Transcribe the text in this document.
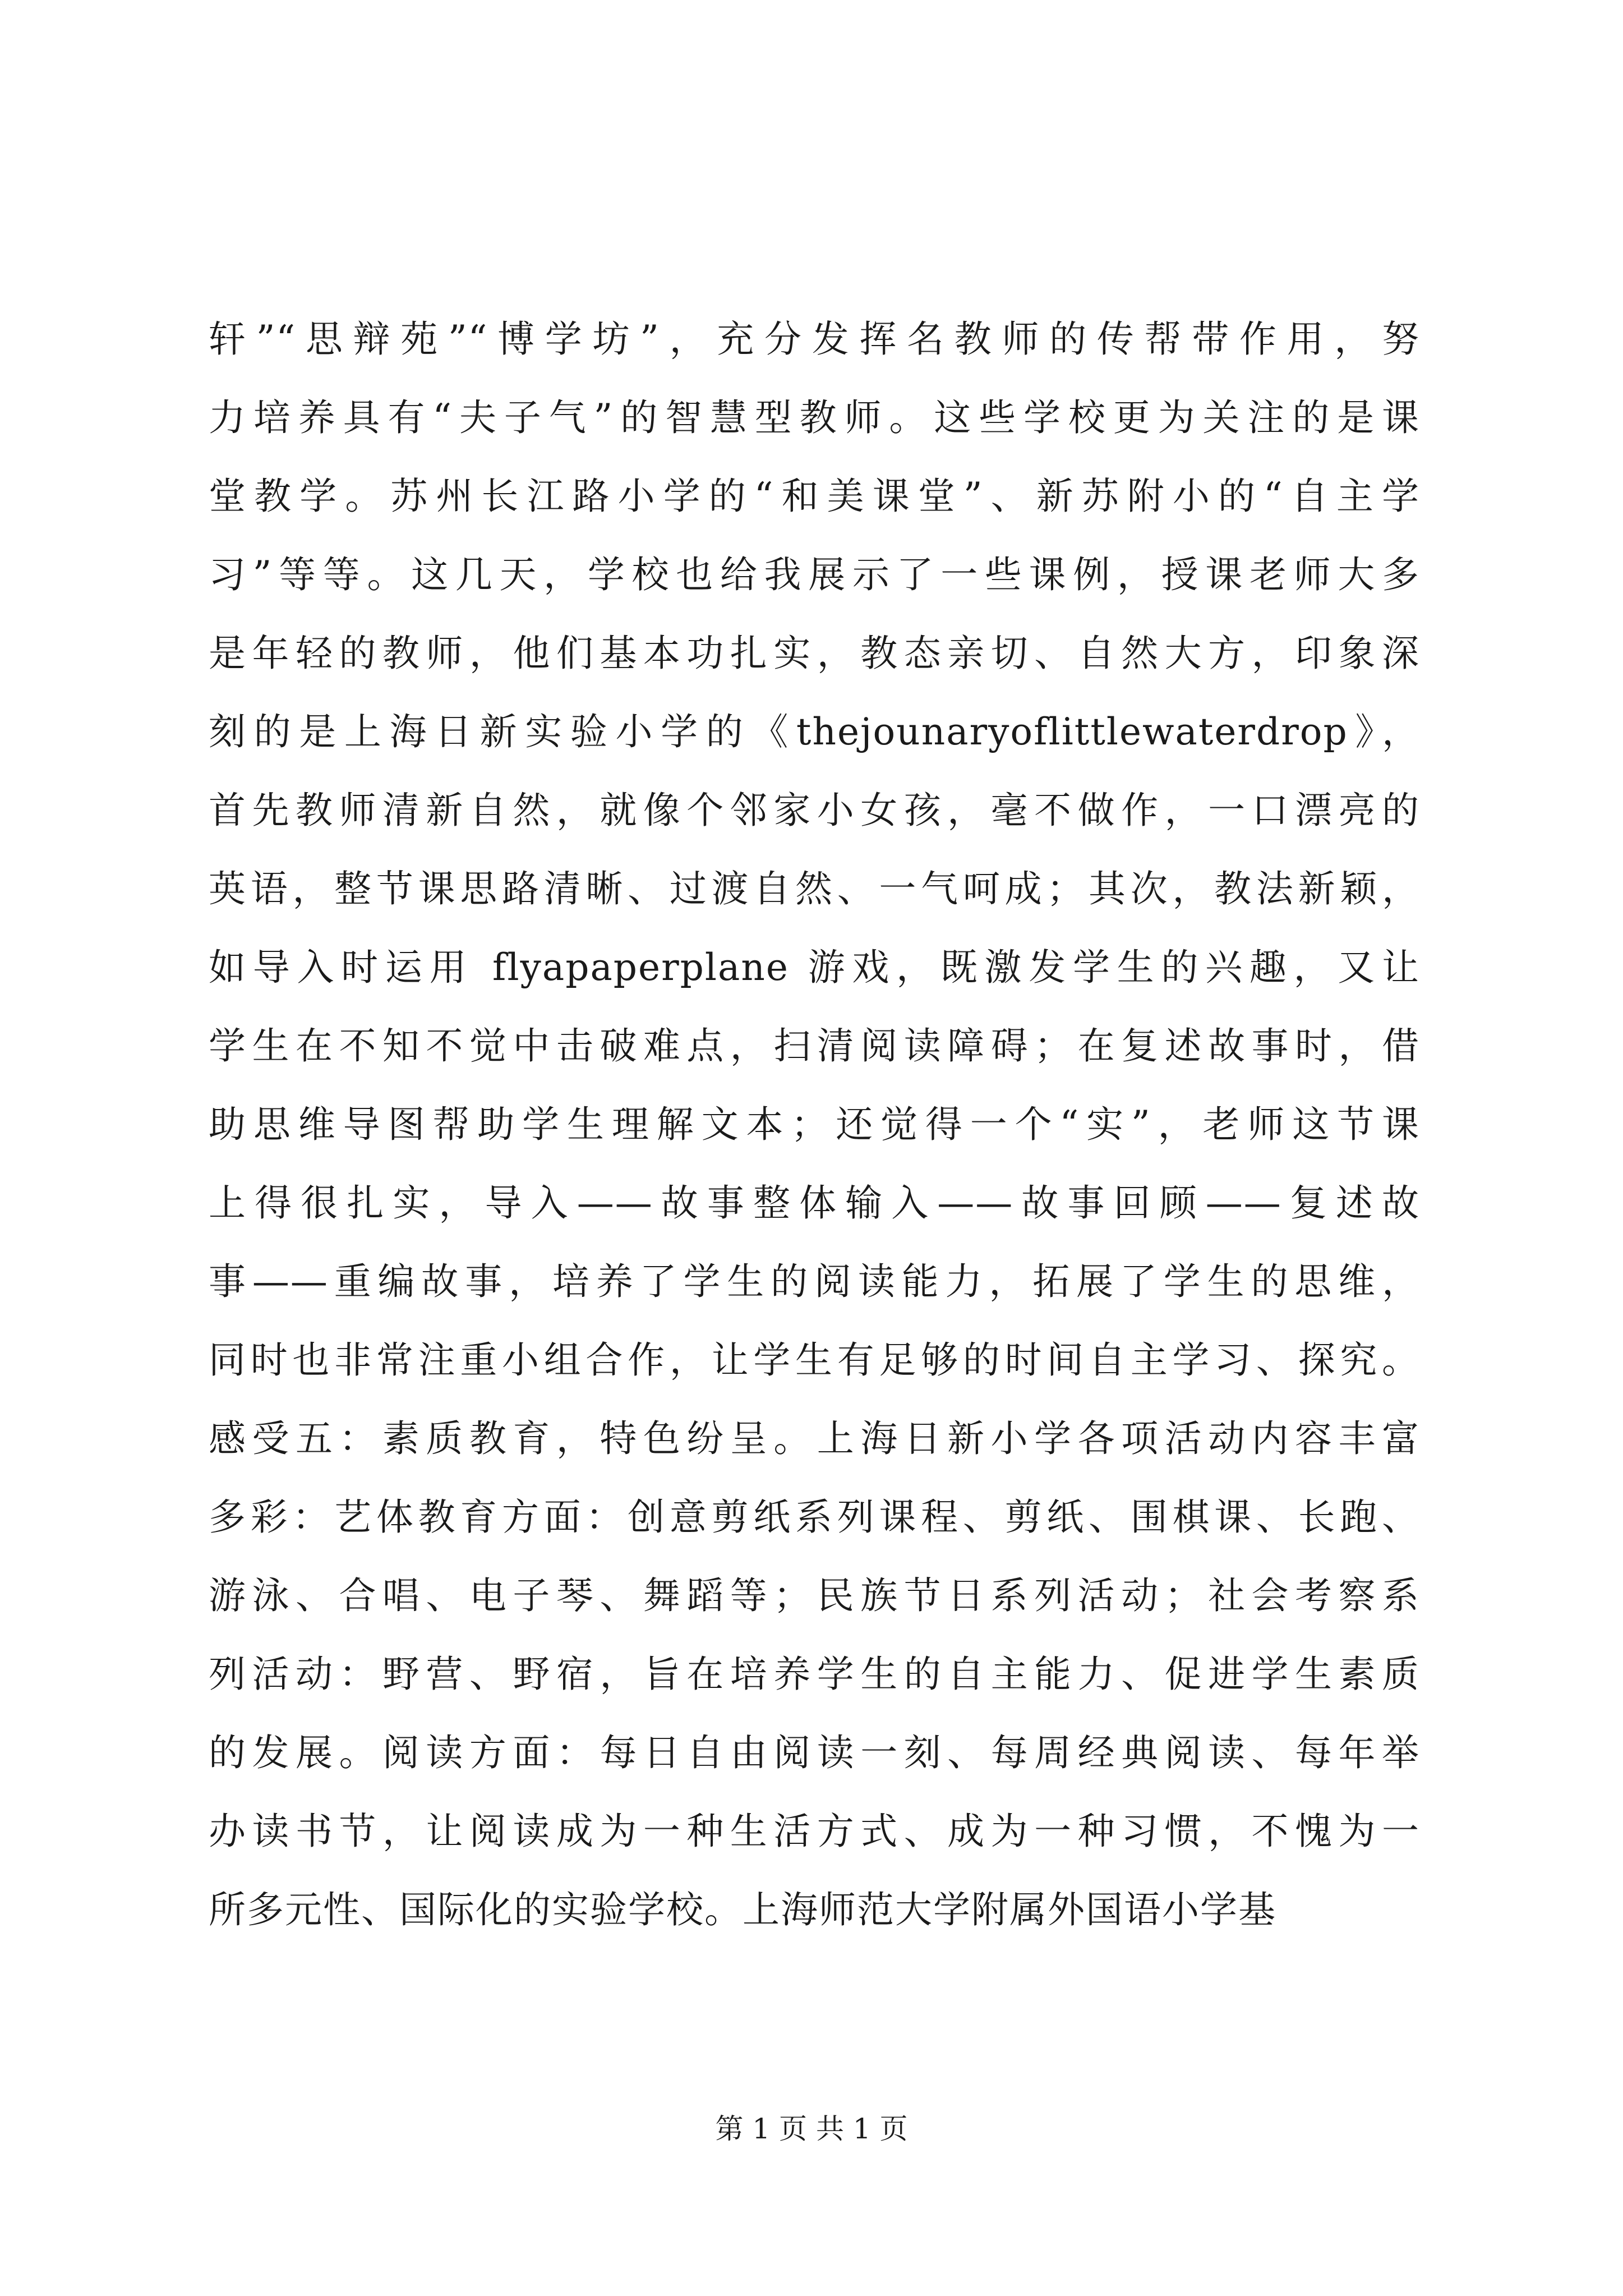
轩”“思辩苑”“博学坊”，充分发挥名教师的传帮带作用，努
力培养具有“夫子气”的智慧型教师。这些学校更为关注的是课
堂教学。苏州长江路小学的“和美课堂”、新苏附小的“自主学
习”等等。这几天，学校也给我展示了一些课例，授课老师大多
是年轻的教师，他们基本功扎实，教态亲切、自然大方，印象深
刻的是上海日新实验小学的《thejounaryoflittlewaterdrop》，
首先教师清新自然，就像个邻家小女孩，毫不做作，一口漂亮的
英语，整节课思路清晰、过渡自然、一气呵成；其次，教法新颖，
如导入时运用 flyapaperplane 游戏，既激发学生的兴趣，又让
学生在不知不觉中击破难点，扫清阅读障碍；在复述故事时，借
助思维导图帮助学生理解文本；还觉得一个“实”，老师这节课
上得很扎实，导入——故事整体输入——故事回顾——复述故
事——重编故事，培养了学生的阅读能力，拓展了学生的思维，
同时也非常注重小组合作，让学生有足够的时间自主学习、探究。
感受五：素质教育，特色纷呈。上海日新小学各项活动内容丰富
多彩：艺体教育方面：创意剪纸系列课程、剪纸、围棋课、长跑、
游泳、合唱、电子琴、舞蹈等；民族节日系列活动；社会考察系
列活动：野营、野宿，旨在培养学生的自主能力、促进学生素质
的发展。阅读方面：每日自由阅读一刻、每周经典阅读、每年举
办读书节，让阅读成为一种生活方式、成为一种习惯，不愧为一
所多元性、国际化的实验学校。上海师范大学附属外国语小学基
第 1 页 共 1 页
